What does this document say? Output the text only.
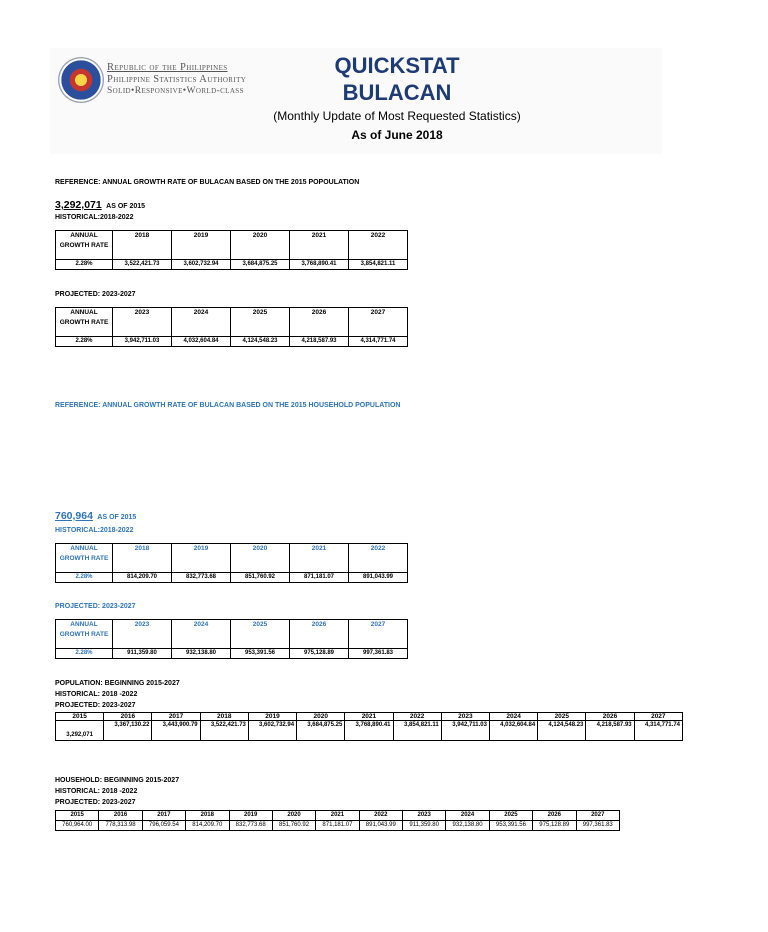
Republic of the Philippines
Philippine Statistics Authority
Solid•Responsive•World-class
QUICKSTAT
BULACAN
(Monthly Update of Most Requested Statistics)
As of June 2018
REFERENCE: ANNUAL GROWTH RATE OF BULACAN BASED ON THE 2015 POPOULATION
3,292,071 AS OF 2015
HISTORICAL:2018-2022
ANNUAL GROWTH RATE	2018	2019	2020	2021	2022
2.28%	3,522,421.73	3,602,732.94	3,684,875.25	3,768,890.41	3,854,821.11
PROJECTED: 2023-2027
ANNUAL GROWTH RATE	2023	2024	2025	2026	2027
2.28%	3,942,711.03	4,032,604.84	4,124,548.23	4,218,587.93	4,314,771.74
REFERENCE: ANNUAL GROWTH RATE OF BULACAN BASED ON THE 2015 HOUSEHOLD POPULATION
760,964 AS OF 2015
HISTORICAL:2018-2022
ANNUAL GROWTH RATE	2018	2019	2020	2021	2022
2.28%	814,209.70	832,773.68	851,760.92	871,181.07	891,043.99
PROJECTED: 2023-2027
ANNUAL GROWTH RATE	2023	2024	2025	2026	2027
2.28%	911,359.80	932,138.80	953,391.56	975,128.89	997,361.83
POPULATION: BEGINNING 2015-2027
HISTORICAL: 2018 -2022
PROJECTED: 2023-2027
2015	2016	2017	2018	2019	2020	2021	2022	2023	2024	2025	2026	2027
3,292,071	3,367,130.22	3,443,900.79	3,522,421.73	3,602,732.94	3,684,875.25	3,768,890.41	3,854,821.11	3,942,711.03	4,032,604.84	4,124,548.23	4,218,587.93	4,314,771.74
HOUSEHOLD: BEGINNING 2015-2027
HISTORICAL: 2018 -2022
PROJECTED: 2023-2027
2015	2016	2017	2018	2019	2020	2021	2022	2023	2024	2025	2026	2027
760,964.00	778,313.98	796,059.54	814,209.70	832,773.68	851,760.92	871,181.07	891,043.99	911,359.80	932,138.80	953,391.56	975,128.89	997,361.83
